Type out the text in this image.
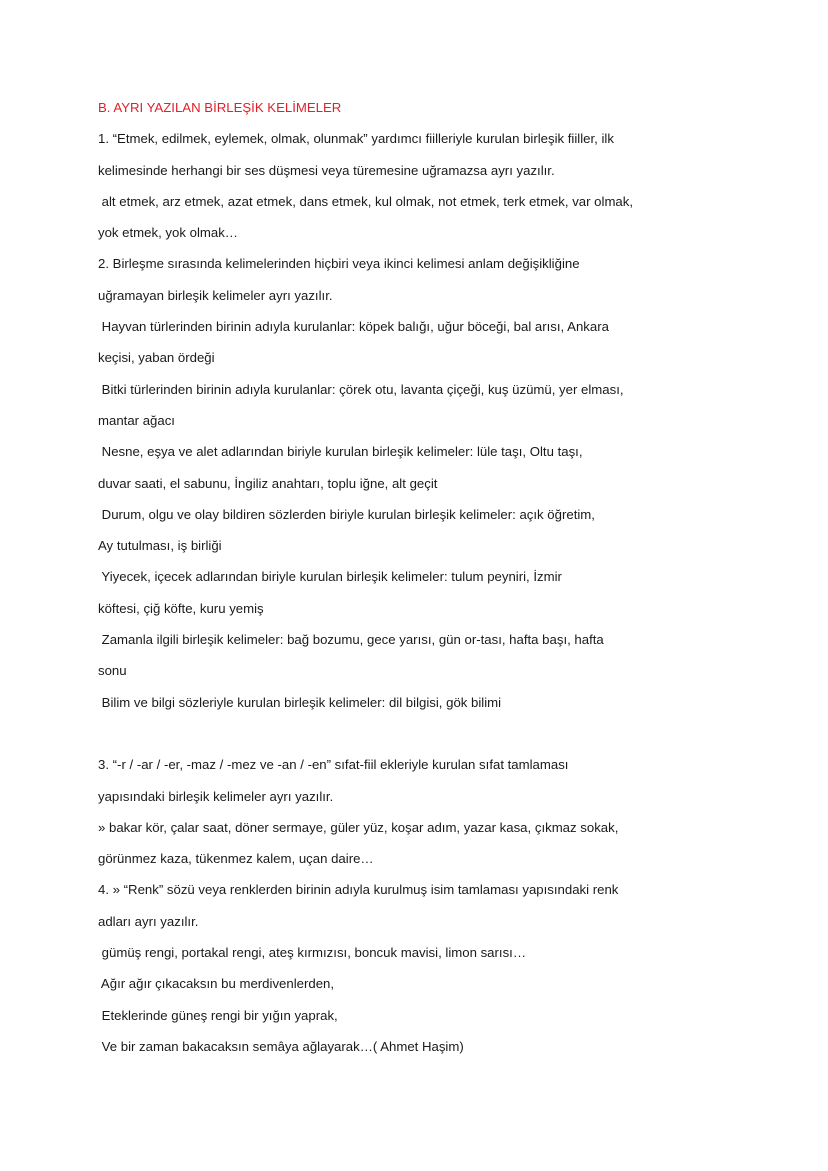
B. AYRI YAZILAN BİRLEŞİK KELİMELER
1. “Etmek, edilmek, eylemek, olmak, olunmak” yardımcı fiilleriyle kurulan birleşik fiiller, ilk
kelimesinde herhangi bir ses düşmesi veya türemesine uğramazsa ayrı yazılır.
alt etmek, arz etmek, azat etmek, dans etmek, kul olmak, not etmek, terk etmek, var olmak,
yok etmek, yok olmak…
2. Birleşme sırasında kelimelerinden hiçbiri veya ikinci kelimesi anlam değişikliğine
uğramayan birleşik kelimeler ayrı yazılır.
Hayvan türlerinden birinin adıyla kurulanlar: köpek balığı, uğur böceği, bal arısı, Ankara
keçisi, yaban ördeği
Bitki türlerinden birinin adıyla kurulanlar: çörek otu, lavanta çiçeği, kuş üzümü, yer elması,
mantar ağacı
Nesne, eşya ve alet adlarından biriyle kurulan birleşik kelimeler: lüle taşı, Oltu taşı,
duvar saati, el sabunu, İngiliz anahtarı, toplu iğne, alt geçit
Durum, olgu ve olay bildiren sözlerden biriyle kurulan birleşik kelimeler: açık öğretim,
Ay tutulması, iş birliği
Yiyecek, içecek adlarından biriyle kurulan birleşik kelimeler: tulum peyniri, İzmir
köftesi, çiğ köfte, kuru yemiş
Zamanla ilgili birleşik kelimeler: bağ bozumu, gece yarısı, gün or-tası, hafta başı, hafta
sonu
Bilim ve bilgi sözleriyle kurulan birleşik kelimeler: dil bilgisi, gök bilimi
3. “-r / -ar / -er, -maz / -mez ve -an / -en” sıfat-fiil ekleriyle kurulan sıfat tamlaması
yapısındaki birleşik kelimeler ayrı yazılır.
» bakar kör, çalar saat, döner sermaye, güler yüz, koşar adım, yazar kasa, çıkmaz sokak,
görünmez kaza, tükenmez kalem, uçan daire…
4. » “Renk” sözü veya renklerden birinin adıyla kurulmuş isim tamlaması yapısındaki renk
adları ayrı yazılır.
gümüş rengi, portakal rengi, ateş kırmızısı, boncuk mavisi, limon sarısı…
Ağır ağır çıkacaksın bu merdivenlerden,
Eteklerinde güneş rengi bir yığın yaprak,
Ve bir zaman bakacaksın semâya ağlayarak…( Ahmet Haşim)
